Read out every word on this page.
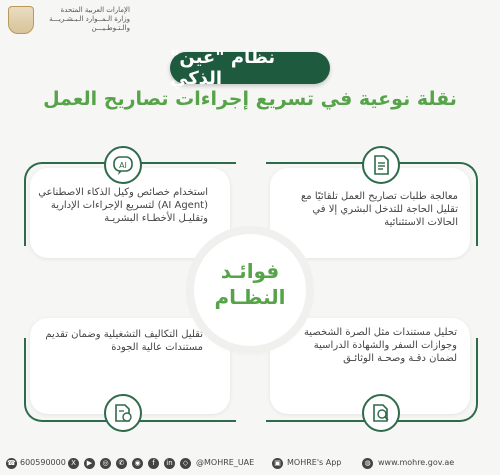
الإمارات العربية المتحدة
وزارة الـمــوارد الـبـشـريـــة
والـتـوطـيـــن
نظام "عين" الذكي
نقلة نوعية في تسريع إجراءات تصاريح العمل
استخدام خصائص وكيل الذكاء الاصطناعي (AI Agent) لتسريع الإجراءات الإدارية وتقليـل الأخطـاء البشريـة
معالجة طلبات تصاريح العمل تلقائيًا مع تقليل الحاجة للتدخل البشري إلا في الحالات الاستثنائية
تقليل التكاليف التشغيلية وضمان تقديم مستندات عالية الجودة
تحليل مستندات مثل الصرة الشخصية وجوازات السفر والشهادة الدراسية لضمان دقـة وصحـة الوثائـق
AI
فوائـد
النظـام
☎ 600590000 X	▶	◎	✆	◉	f	in	◇ @MOHRE_UAE	▣ MOHRE's App	◍ www.mohre.gov.ae
